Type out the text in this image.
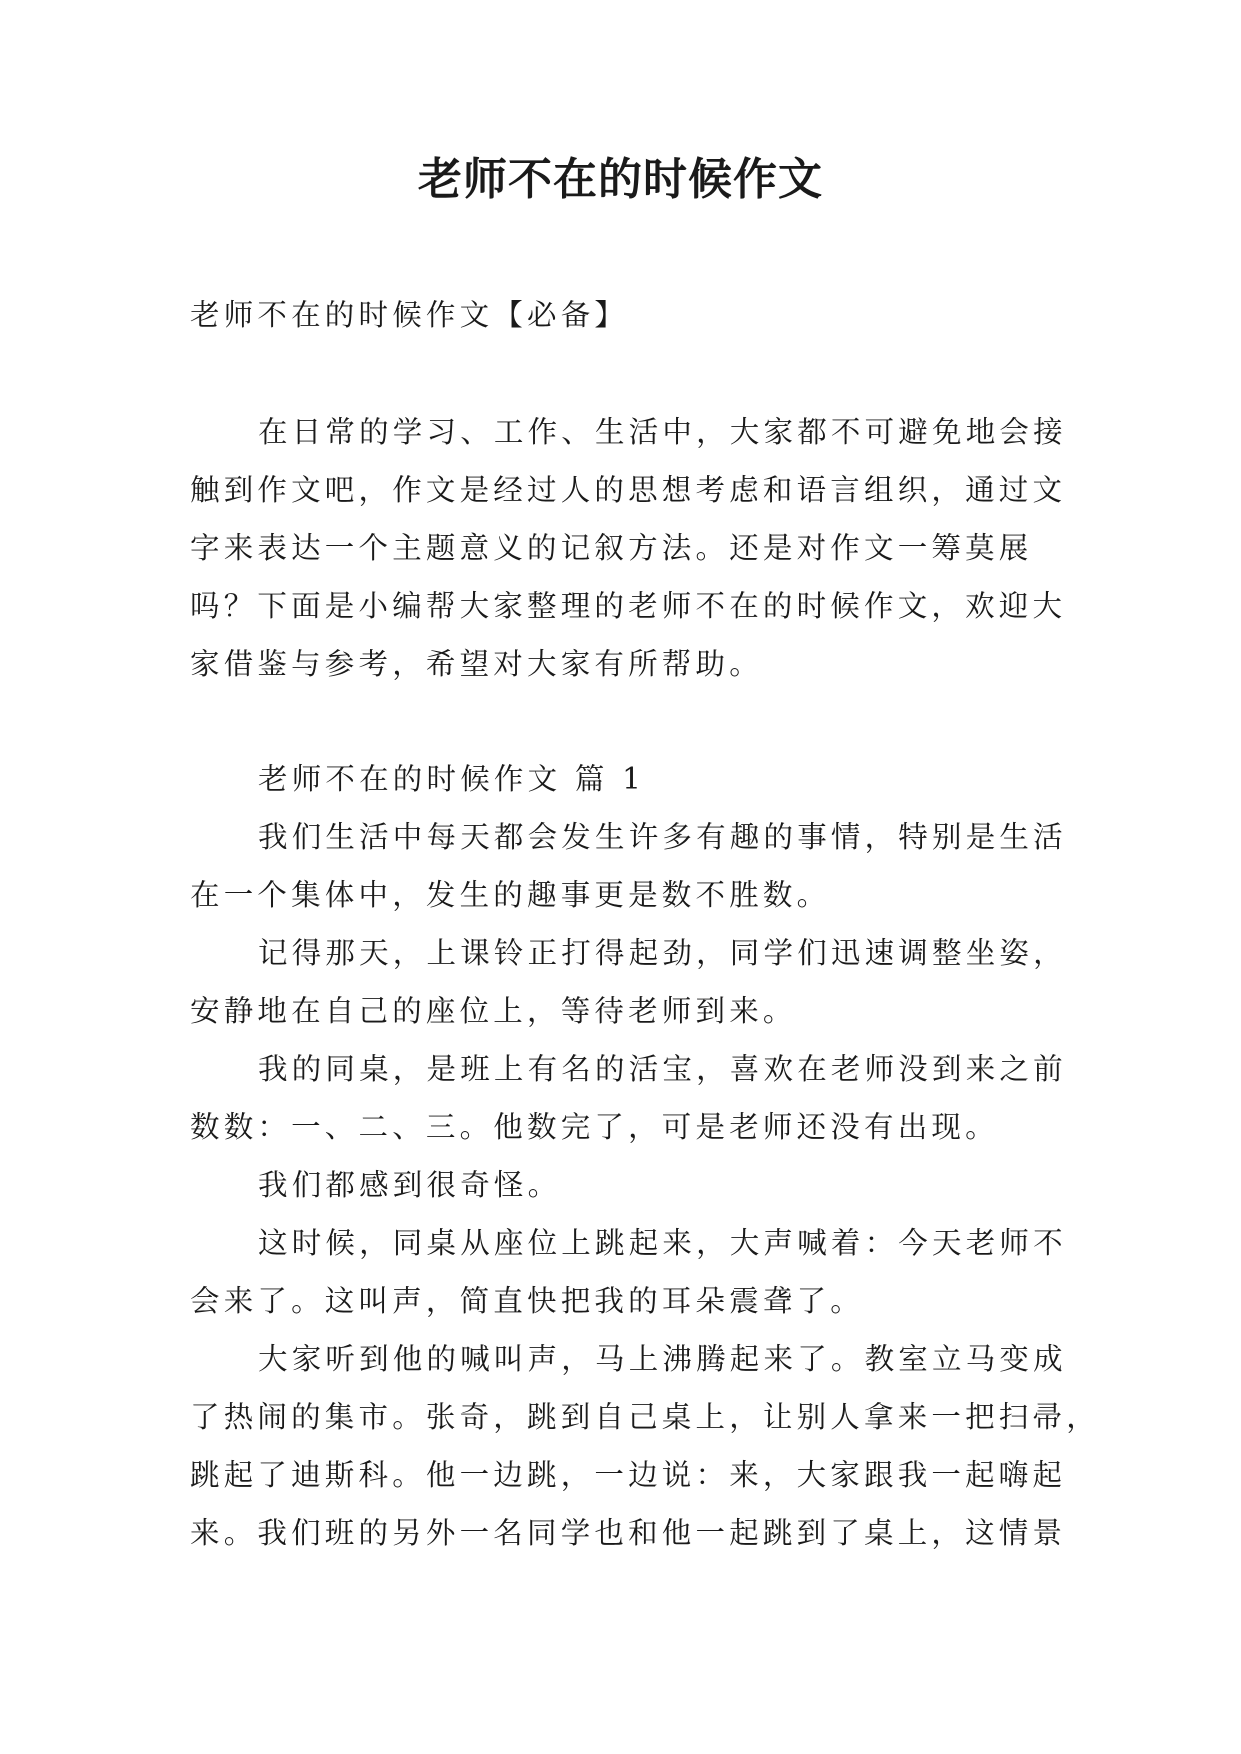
老师不在的时候作文

老师不在的时候作文【必备】

在日常的学习、工作、生活中，大家都不可避免地会接
触到作文吧，作文是经过人的思想考虑和语言组织，通过文
字来表达一个主题意义的记叙方法。还是对作文一筹莫展
吗？下面是小编帮大家整理的老师不在的时候作文，欢迎大
家借鉴与参考，希望对大家有所帮助。
老师不在的时候作文 篇 1
我们生活中每天都会发生许多有趣的事情，特别是生活
在一个集体中，发生的趣事更是数不胜数。
记得那天，上课铃正打得起劲，同学们迅速调整坐姿，
安静地在自己的座位上，等待老师到来。
我的同桌，是班上有名的活宝，喜欢在老师没到来之前
数数：一、二、三。他数完了，可是老师还没有出现。
我们都感到很奇怪。
这时候，同桌从座位上跳起来，大声喊着：今天老师不
会来了。这叫声，简直快把我的耳朵震聋了。
大家听到他的喊叫声，马上沸腾起来了。教室立马变成
了热闹的集市。张奇，跳到自己桌上，让别人拿来一把扫帚，
跳起了迪斯科。他一边跳，一边说：来，大家跟我一起嗨起
来。我们班的另外一名同学也和他一起跳到了桌上，这情景
